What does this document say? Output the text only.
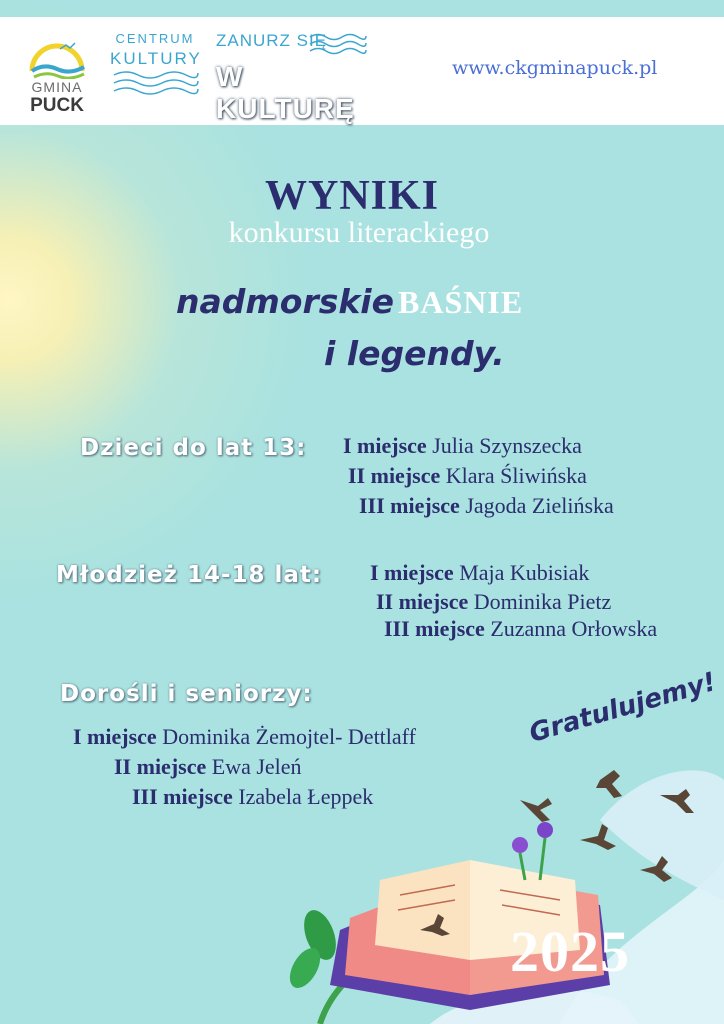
GMINA
PUCK
CENTRUM
KULTURY
ZANURZ SIĘ
W KULTURĘ
www.ckgminapuck.pl
WYNIKI
konkursu literackiego
nadmorskie BAŚNIE
i legendy.
Dzieci do lat 13: I miejsce Julia Szynszecka
II miejsce Klara Śliwińska
III miejsce Jagoda Zielińska
Młodzież 14-18 lat: I miejsce Maja Kubisiak
II miejsce Dominika Pietz
III miejsce Zuzanna Orłowska
Dorośli i seniorzy:
I miejsce Dominika Żemojtel- Dettlaff
II miejsce Ewa Jeleń
III miejsce Izabela Łeppek
Gratulujemy!
2025
